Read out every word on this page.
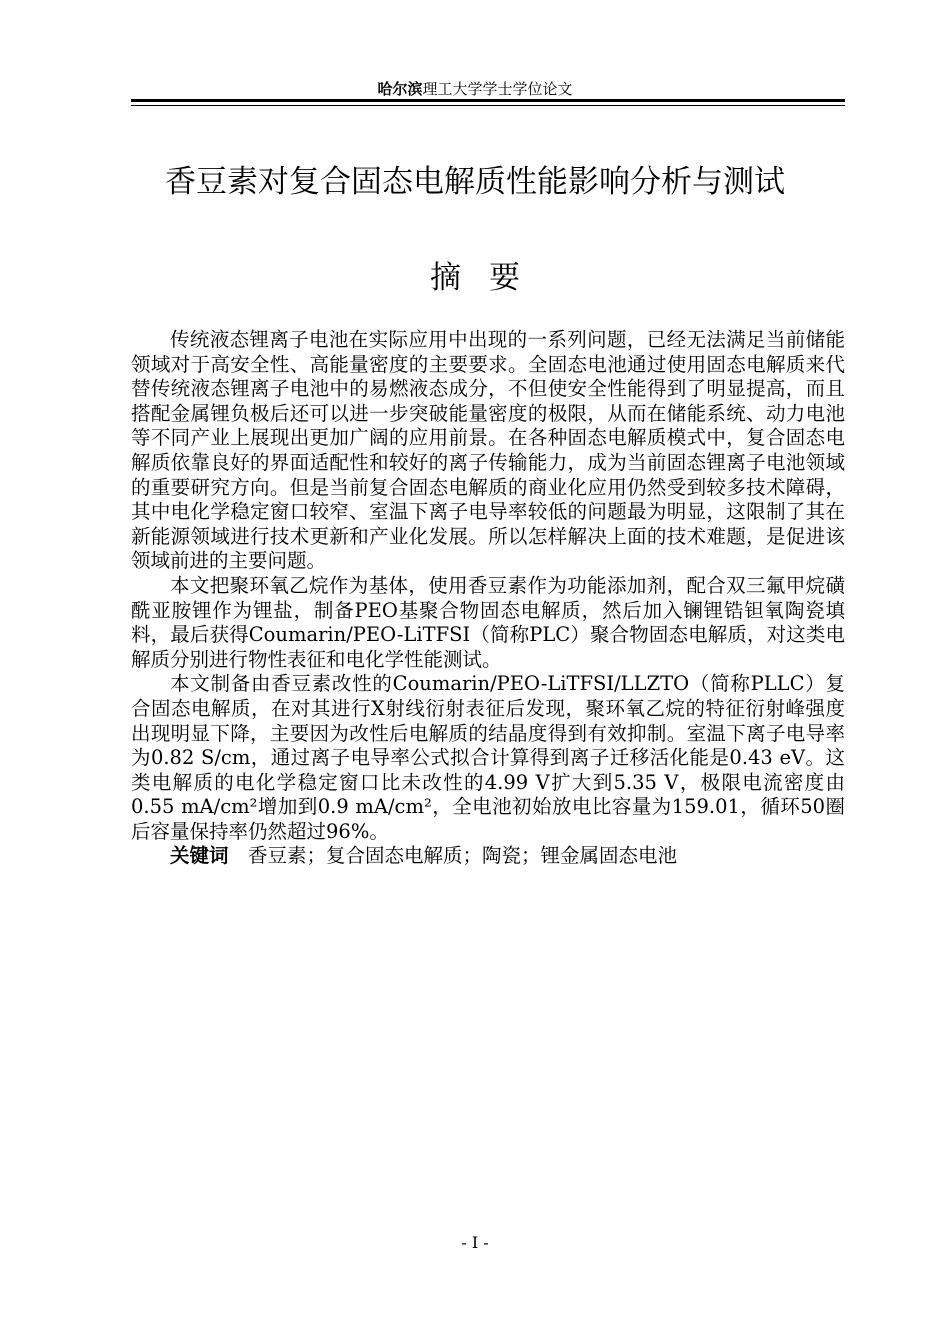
哈尔滨理工大学学士学位论文
香豆素对复合固态电解质性能影响分析与测试
摘要

传统液态锂离子电池在实际应用中出现的一系列问题，已经无法满足当前储能领域对于高安全性、高能量密度的主要要求。全固态电池通过使用固态电解质来代替传统液态锂离子电池中的易燃液态成分，不但使安全性能得到了明显提高，而且搭配金属锂负极后还可以进一步突破能量密度的极限，从而在储能系统、动力电池等不同产业上展现出更加广阔的应用前景。在各种固态电解质模式中，复合固态电解质依靠良好的界面适配性和较好的离子传输能力，成为当前固态锂离子电池领域的重要研究方向。但是当前复合固态电解质的商业化应用仍然受到较多技术障碍，其中电化学稳定窗口较窄、室温下离子电导率较低的问题最为明显，这限制了其在新能源领域进行技术更新和产业化发展。所以怎样解决上面的技术难题，是促进该领域前进的主要问题。

本文把聚环氧乙烷作为基体，使用香豆素作为功能添加剂，配合双三氟甲烷磺酰亚胺锂作为锂盐，制备PEO基聚合物固态电解质，然后加入镧锂锆钽氧陶瓷填料，最后获得Coumarin/PEO-LiTFSI（简称PLC）聚合物固态电解质，对这类电解质分别进行物性表征和电化学性能测试。

本文制备由香豆素改性的Coumarin/PEO-LiTFSI/LLZTO（简称PLLC）复合固态电解质，在对其进行X射线衍射表征后发现，聚环氧乙烷的特征衍射峰强度出现明显下降，主要因为改性后电解质的结晶度得到有效抑制。室温下离子电导率为0.82 S/cm，通过离子电导率公式拟合计算得到离子迁移活化能是0.43 eV。这类电解质的电化学稳定窗口比未改性的4.99 V扩大到5.35 V，极限电流密度由0.55 mA/cm²增加到0.9 mA/cm²，全电池初始放电比容量为159.01，循环50圈后容量保持率仍然超过96%。

关键词 香豆素；复合固态电解质；陶瓷；锂金属固态电池

- I -
